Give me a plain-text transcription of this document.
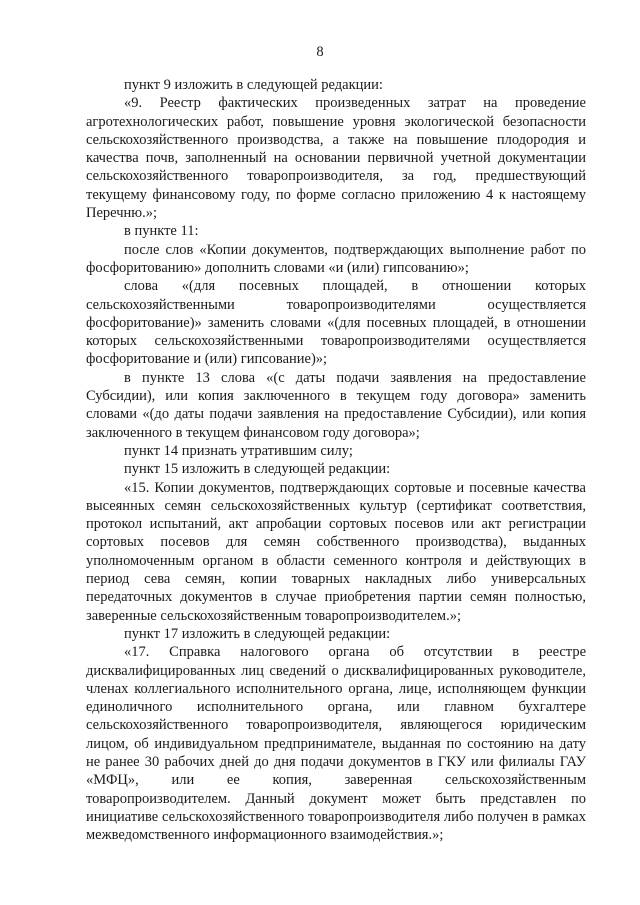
8

пункт 9 изложить в следующей редакции:

«9. Реестр фактических произведенных затрат на проведение агротехнологических работ, повышение уровня экологической безопасности сельскохозяйственного производства, а также на повышение плодородия и качества почв, заполненный на основании первичной учетной документации сельскохозяйственного товаропроизводителя, за год, предшествующий текущему финансовому году, по форме согласно приложению 4 к настоящему Перечню.»;

в пункте 11:

после слов «Копии документов, подтверждающих выполнение работ по фосфоритованию» дополнить словами «и (или) гипсованию»;

слова «(для посевных площадей, в отношении которых сельскохозяйственными товаропроизводителями осуществляется фосфоритование)» заменить словами «(для посевных площадей, в отношении которых сельскохозяйственными товаропроизводителями осуществляется фосфоритование и (или) гипсование)»;

в пункте 13 слова «(с даты подачи заявления на предоставление Субсидии), или копия заключенного в текущем году договора» заменить словами «(до даты подачи заявления на предоставление Субсидии), или копия заключенного в текущем финансовом году договора»;

пункт 14 признать утратившим силу;

пункт 15 изложить в следующей редакции:

«15. Копии документов, подтверждающих сортовые и посевные качества высеянных семян сельскохозяйственных культур (сертификат соответствия, протокол испытаний, акт апробации сортовых посевов или акт регистрации сортовых посевов для семян собственного производства), выданных уполномоченным органом в области семенного контроля и действующих в период сева семян, копии товарных накладных либо универсальных передаточных документов в случае приобретения партии семян полностью, заверенные сельскохозяйственным товаропроизводителем.»;

пункт 17 изложить в следующей редакции:

«17. Справка налогового органа об отсутствии в реестре дисквалифицированных лиц сведений о дисквалифицированных руководителе, членах коллегиального исполнительного органа, лице, исполняющем функции единоличного исполнительного органа, или главном бухгалтере сельскохозяйственного товаропроизводителя, являющегося юридическим лицом, об индивидуальном предпринимателе, выданная по состоянию на дату не ранее 30 рабочих дней до дня подачи документов в ГКУ или филиалы ГАУ «МФЦ», или ее копия, заверенная сельскохозяйственным товаропроизводителем. Данный документ может быть представлен по инициативе сельскохозяйственного товаропроизводителя либо получен в рамках межведомственного информационного взаимодействия.»;
